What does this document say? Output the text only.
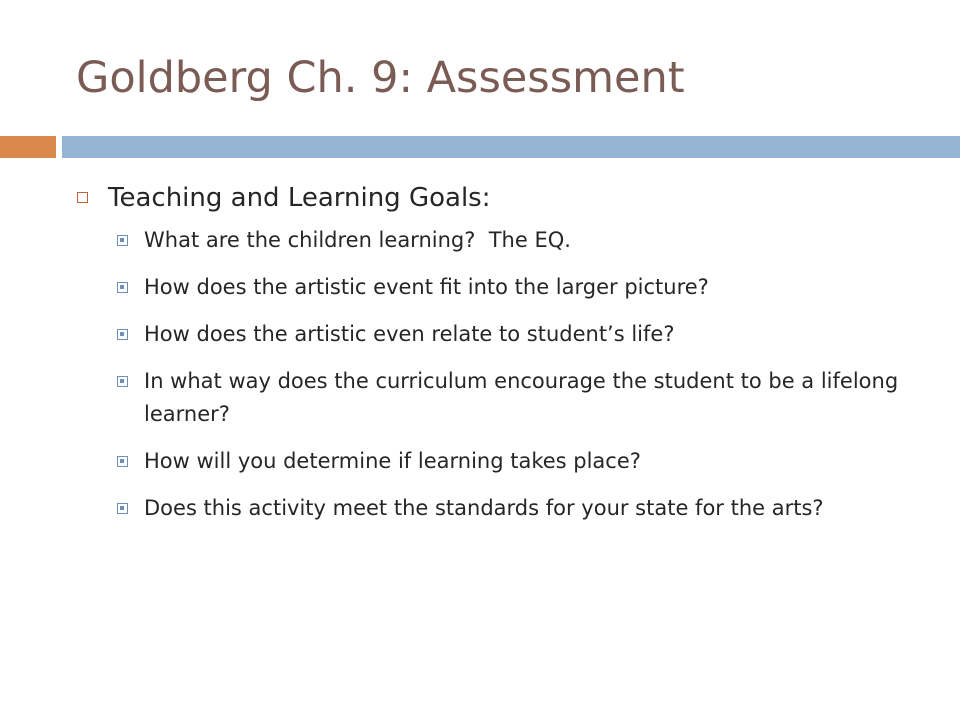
Goldberg Ch. 9: Assessment
Teaching and Learning Goals:
What are the children learning?  The EQ.
How does the artistic event fit into the larger picture?
How does the artistic even relate to student’s life?
In what way does the curriculum encourage the student to be a lifelong learner?
How will you determine if learning takes place?
Does this activity meet the standards for your state for the arts?
